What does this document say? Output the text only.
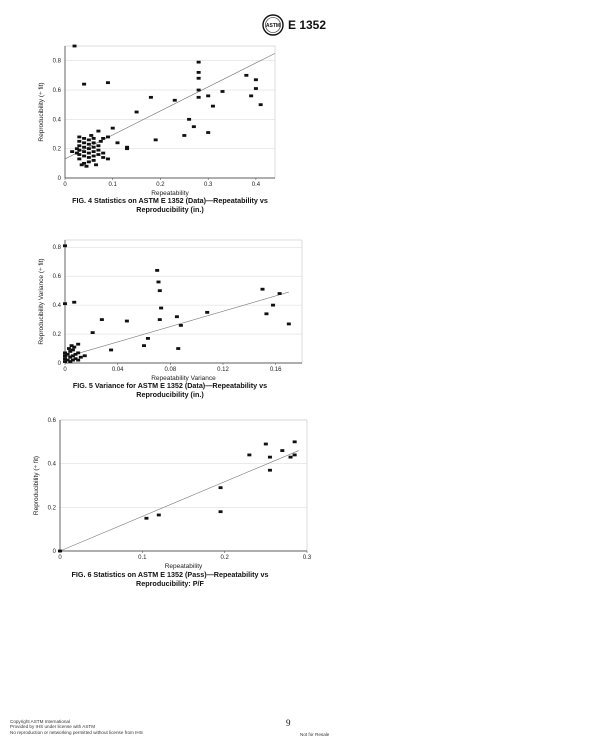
ASTM E 1352
0
0.2
0.4
0.6
0.8
0	0.1	0.2	0.3	0.4
Repeatability
Reproducibility (÷ fit)
FIG. 4 Statistics on ASTM E 1352 (Data)—Repeatability vs
Reproducibility (in.)
0
0.2
0.4
0.6
0.8
0	0.04	0.08	0.12	0.16
Repeatability Variance
Reproducibility Variance (÷ fit)
FIG. 5 Variance for ASTM E 1352 (Data)—Repeatability vs
Reproducibility (in.)
0
0.2
0.4
0.6
0	0.1	0.2	0.3
Repeatability
Reproducibility (÷ fit)
FIG. 6 Statistics on ASTM E 1352 (Pass)—Repeatability vs
Reproducibility: P/F
Copyright ASTM International
Provided by IHS under license with ASTM
No reproduction or networking permitted without license from IHS
9
Not for Resale
